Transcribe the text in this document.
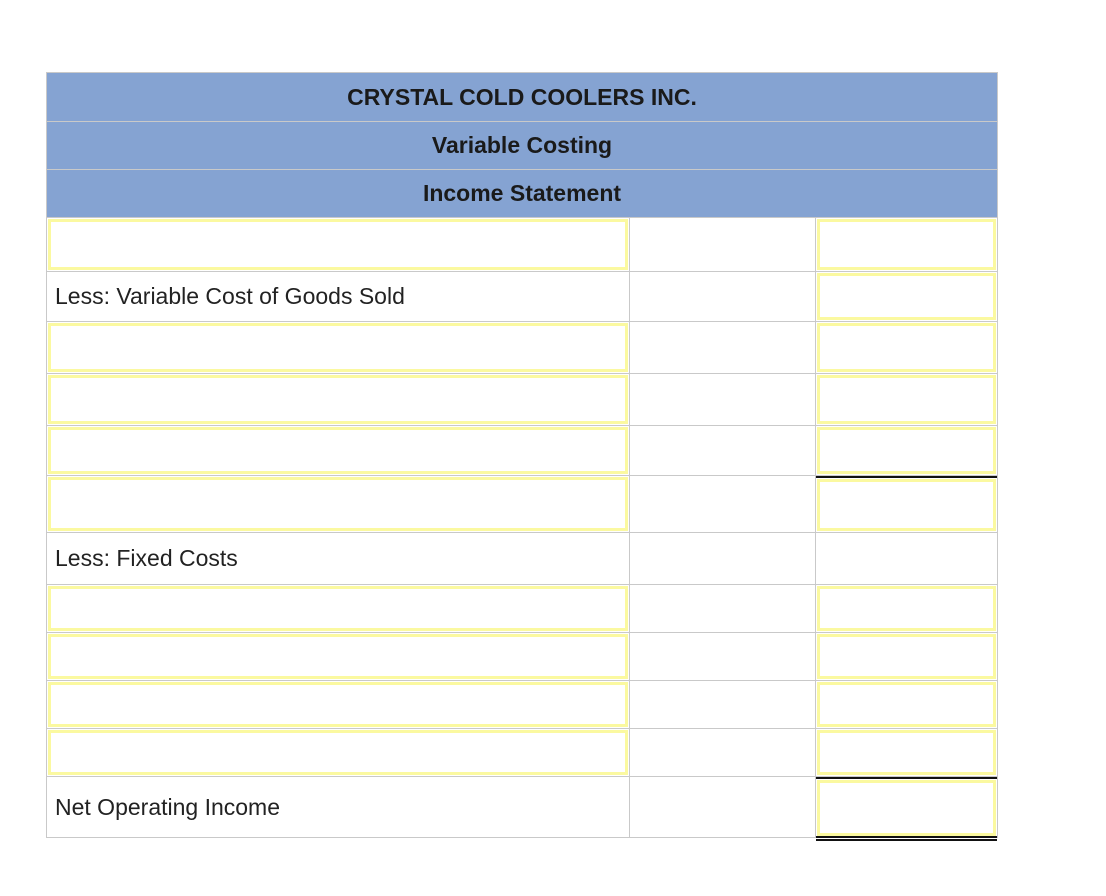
CRYSTAL COLD COOLERS INC.
Variable Costing
Income Statement
Less: Variable Cost of Goods Sold
Less: Fixed Costs
Net Operating Income
